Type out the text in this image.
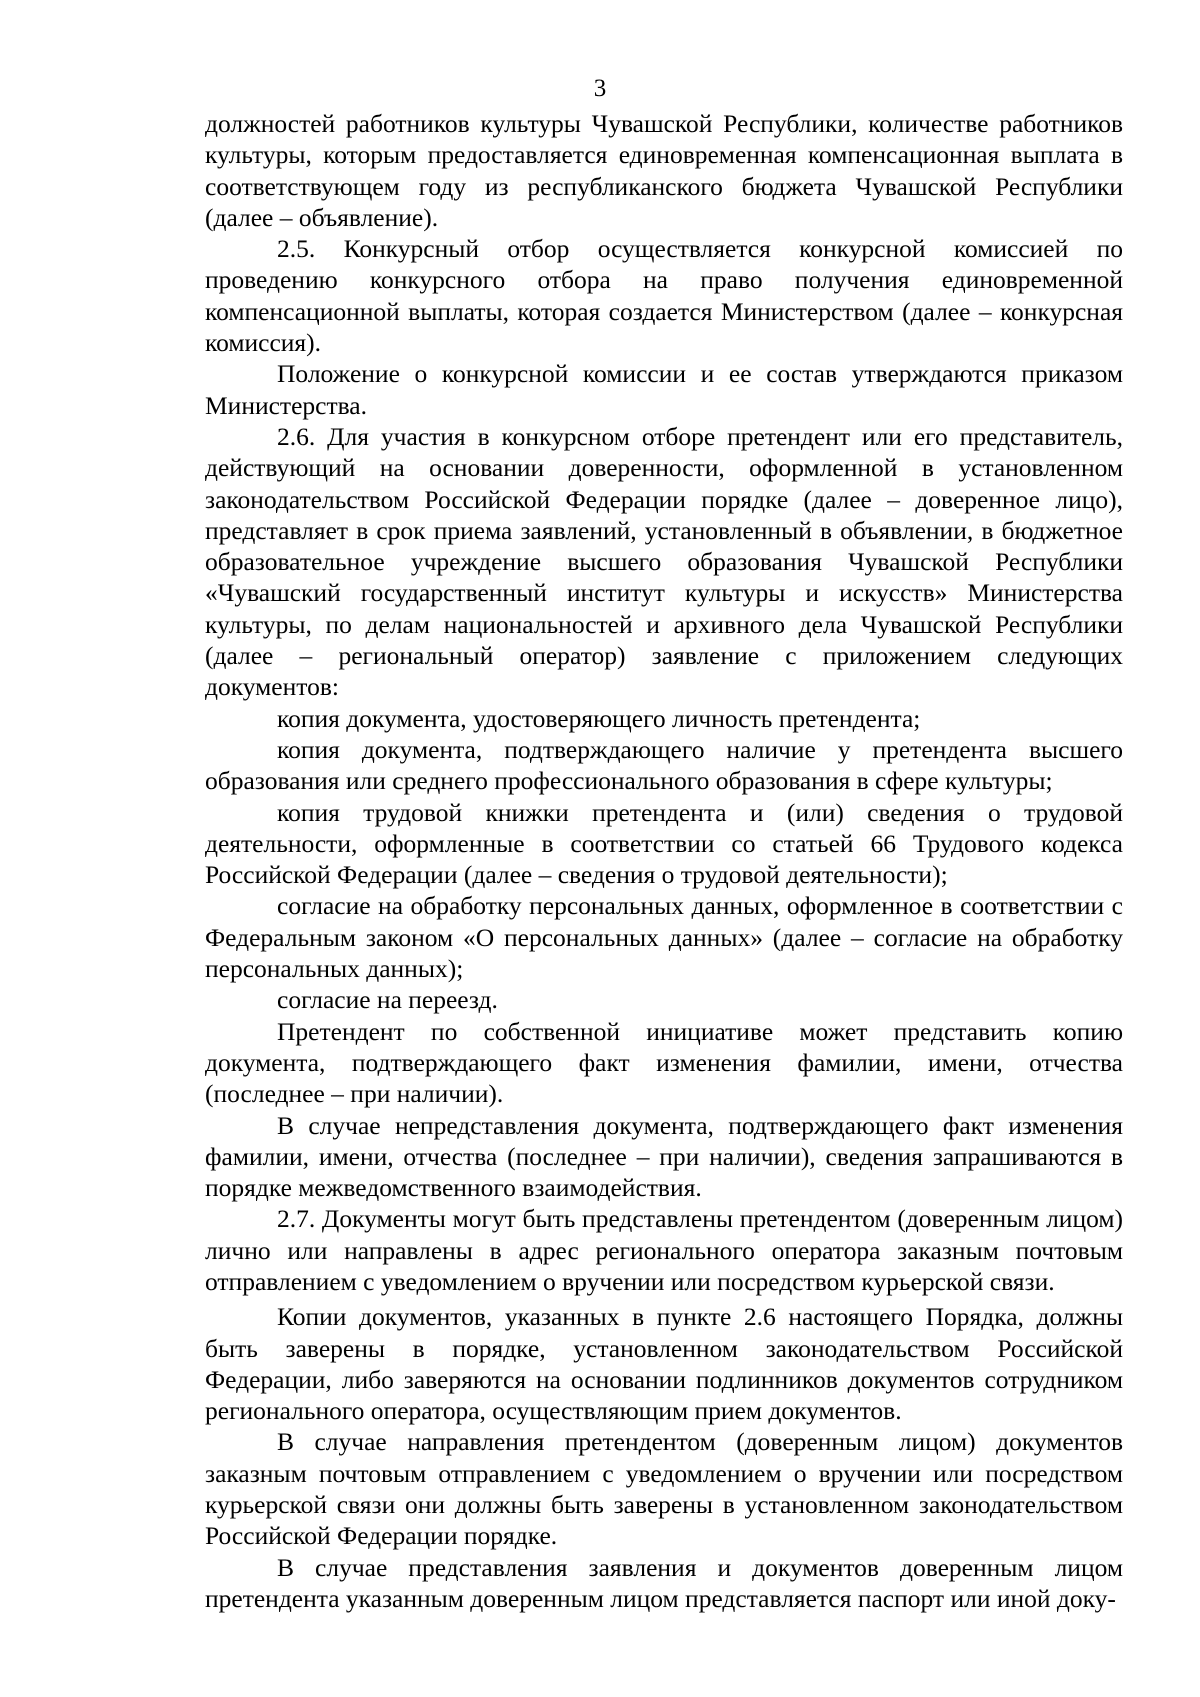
3

должностей работников культуры Чувашской Республики, количестве работников культуры, которым предоставляется единовременная компенсационная выплата в соответствующем году из республиканского бюджета Чувашской Республики (далее – объявление).

2.5. Конкурсный отбор осуществляется конкурсной комиссией по проведению конкурсного отбора на право получения единовременной компенсационной выплаты, которая создается Министерством (далее – конкурсная комиссия).

Положение о конкурсной комиссии и ее состав утверждаются приказом Министерства.

2.6. Для участия в конкурсном отборе претендент или его представитель, действующий на основании доверенности, оформленной в установленном законодательством Российской Федерации порядке (далее – доверенное лицо), представляет в срок приема заявлений, установленный в объявлении, в бюджетное образовательное учреждение высшего образования Чувашской Республики «Чувашский государственный институт культуры и искусств» Министерства культуры, по делам национальностей и архивного дела Чувашской Республики (далее – региональный оператор) заявление с приложением следующих документов:

копия документа, удостоверяющего личность претендента;

копия документа, подтверждающего наличие у претендента высшего образования или среднего профессионального образования в сфере культуры;

копия трудовой книжки претендента и (или) сведения о трудовой деятельности, оформленные в соответствии со статьей 66 Трудового кодекса Российской Федерации (далее – сведения о трудовой деятельности);

согласие на обработку персональных данных, оформленное в соответствии с Федеральным законом «О персональных данных» (далее – согласие на обработку персональных данных);

согласие на переезд.

Претендент по собственной инициативе может представить копию документа, подтверждающего факт изменения фамилии, имени, отчества (последнее – при наличии).

В случае непредставления документа, подтверждающего факт изменения фамилии, имени, отчества (последнее – при наличии), сведения запрашиваются в порядке межведомственного взаимодействия.

2.7. Документы могут быть представлены претендентом (доверенным лицом) лично или направлены в адрес регионального оператора заказным почтовым отправлением с уведомлением о вручении или посредством курьерской связи.

Копии документов, указанных в пункте 2.6 настоящего Порядка, должны быть заверены в порядке, установленном законодательством Российской Федерации, либо заверяются на основании подлинников документов сотрудником регионального оператора, осуществляющим прием документов.

В случае направления претендентом (доверенным лицом) документов заказным почтовым отправлением с уведомлением о вручении или посредством курьерской связи они должны быть заверены в установленном законодательством Российской Федерации порядке.

В случае представления заявления и документов доверенным лицом претендента указанным доверенным лицом представляется паспорт или иной доку-
